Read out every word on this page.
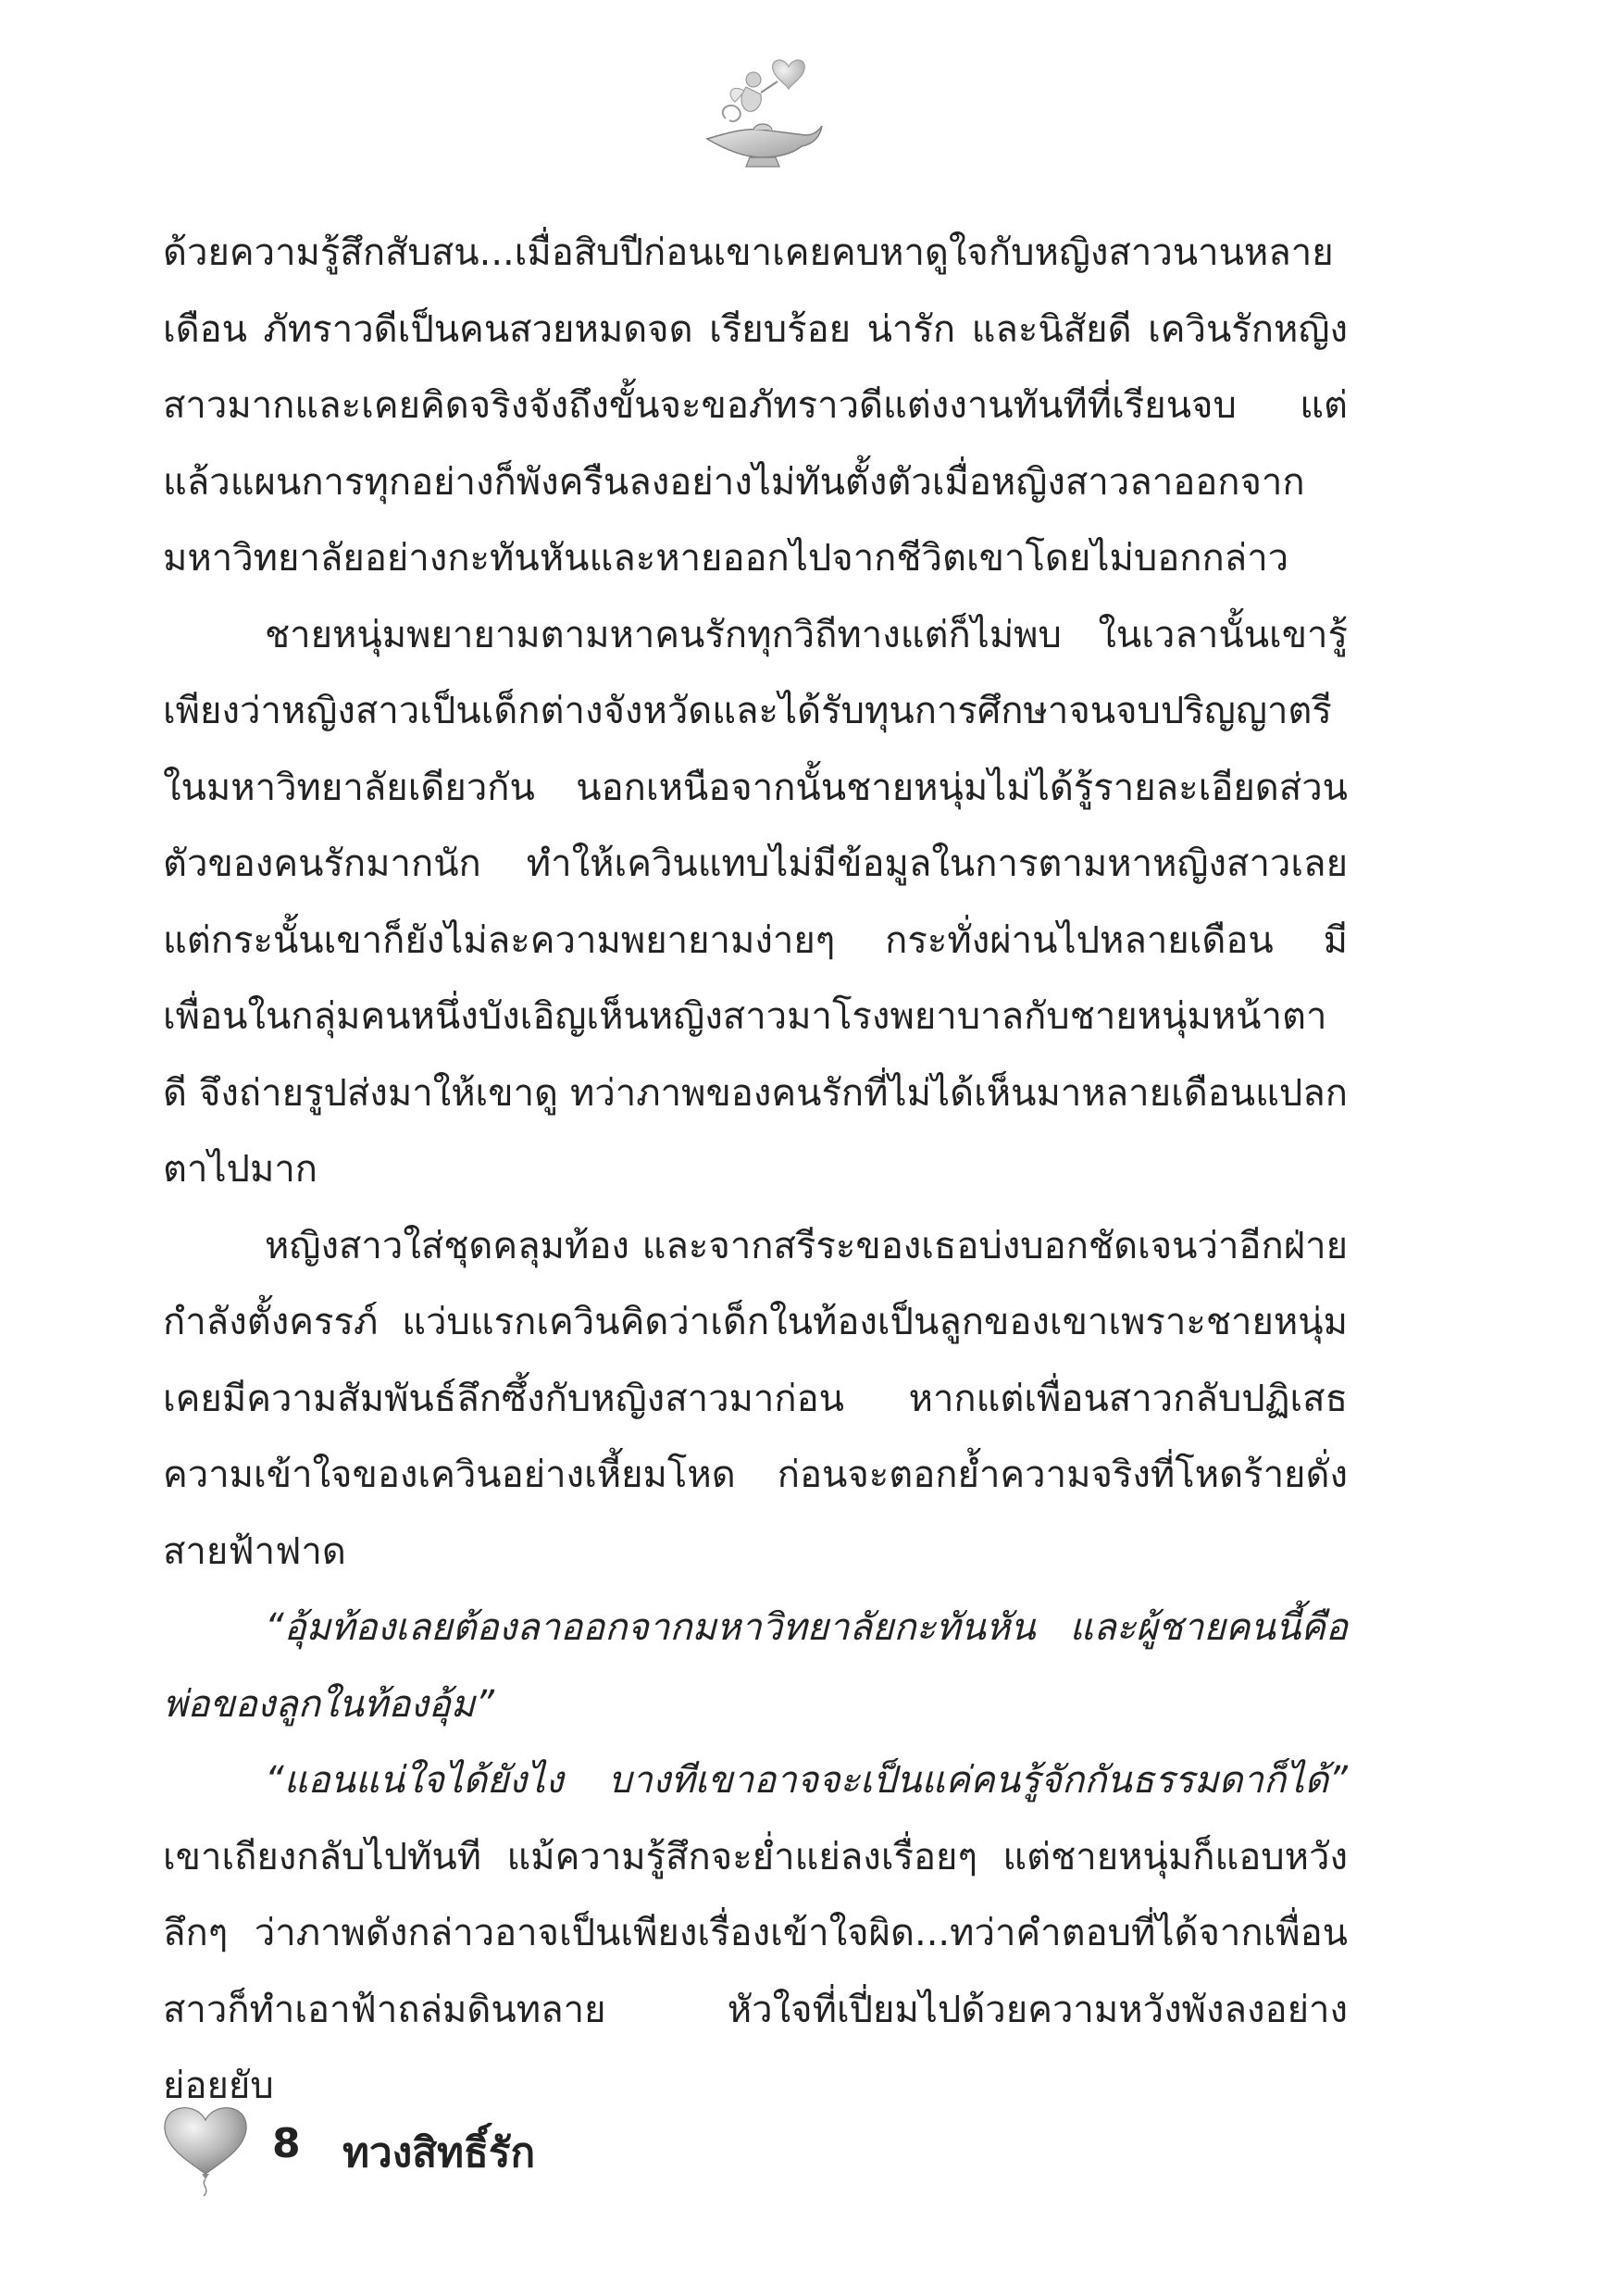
ด้วยความรู้สึกสับสน...เมื่อสิบปีก่อนเขาเคยคบหาดูใจกับหญิงสาวนานหลายเดือน ภัทราวดีเป็นคนสวยหมดจด เรียบร้อย น่ารัก และนิสัยดี เควินรักหญิงสาวมากและเคยคิดจริงจังถึงขั้นจะขอภัทราวดีแต่งงานทันทีที่เรียนจบ แต่แล้วแผนการทุกอย่างก็พังครืนลงอย่างไม่ทันตั้งตัวเมื่อหญิงสาวลาออกจากมหาวิทยาลัยอย่างกะทันหันและหายออกไปจากชีวิตเขาโดยไม่บอกกล่าว

ชายหนุ่มพยายามตามหาคนรักทุกวิถีทางแต่ก็ไม่พบ ในเวลานั้นเขารู้เพียงว่าหญิงสาวเป็นเด็กต่างจังหวัดและได้รับทุนการศึกษาจนจบปริญญาตรีในมหาวิทยาลัยเดียวกัน นอกเหนือจากนั้นชายหนุ่มไม่ได้รู้รายละเอียดส่วนตัวของคนรักมากนัก ทำให้เควินแทบไม่มีข้อมูลในการตามหาหญิงสาวเลย แต่กระนั้นเขาก็ยังไม่ละความพยายามง่ายๆ กระทั่งผ่านไปหลายเดือน มีเพื่อนในกลุ่มคนหนึ่งบังเอิญเห็นหญิงสาวมาโรงพยาบาลกับชายหนุ่มหน้าตาดี จึงถ่ายรูปส่งมาให้เขาดู ทว่าภาพของคนรักที่ไม่ได้เห็นมาหลายเดือนแปลกตาไปมาก

หญิงสาวใส่ชุดคลุมท้อง และจากสรีระของเธอบ่งบอกชัดเจนว่าอีกฝ่ายกำลังตั้งครรภ์ แว่บแรกเควินคิดว่าเด็กในท้องเป็นลูกของเขาเพราะชายหนุ่มเคยมีความสัมพันธ์ลึกซึ้งกับหญิงสาวมาก่อน หากแต่เพื่อนสาวกลับปฏิเสธความเข้าใจของเควินอย่างเหี้ยมโหด ก่อนจะตอกย้ำความจริงที่โหดร้ายดั่งสายฟ้าฟาด

“อุ้มท้องเลยต้องลาออกจากมหาวิทยาลัยกะทันหัน และผู้ชายคนนี้คือพ่อของลูกในท้องอุ้ม”

“แอนแน่ใจได้ยังไง บางทีเขาอาจจะเป็นแค่คนรู้จักกันธรรมดาก็ได้” เขาเถียงกลับไปทันที แม้ความรู้สึกจะย่ำแย่ลงเรื่อยๆ แต่ชายหนุ่มก็แอบหวังลึกๆ ว่าภาพดังกล่าวอาจเป็นเพียงเรื่องเข้าใจผิด...ทว่าคำตอบที่ได้จากเพื่อนสาวก็ทำเอาฟ้าถล่มดินทลาย หัวใจที่เปี่ยมไปด้วยความหวังพังลงอย่างย่อยยับ

8 ทวงสิทธิ์รัก
